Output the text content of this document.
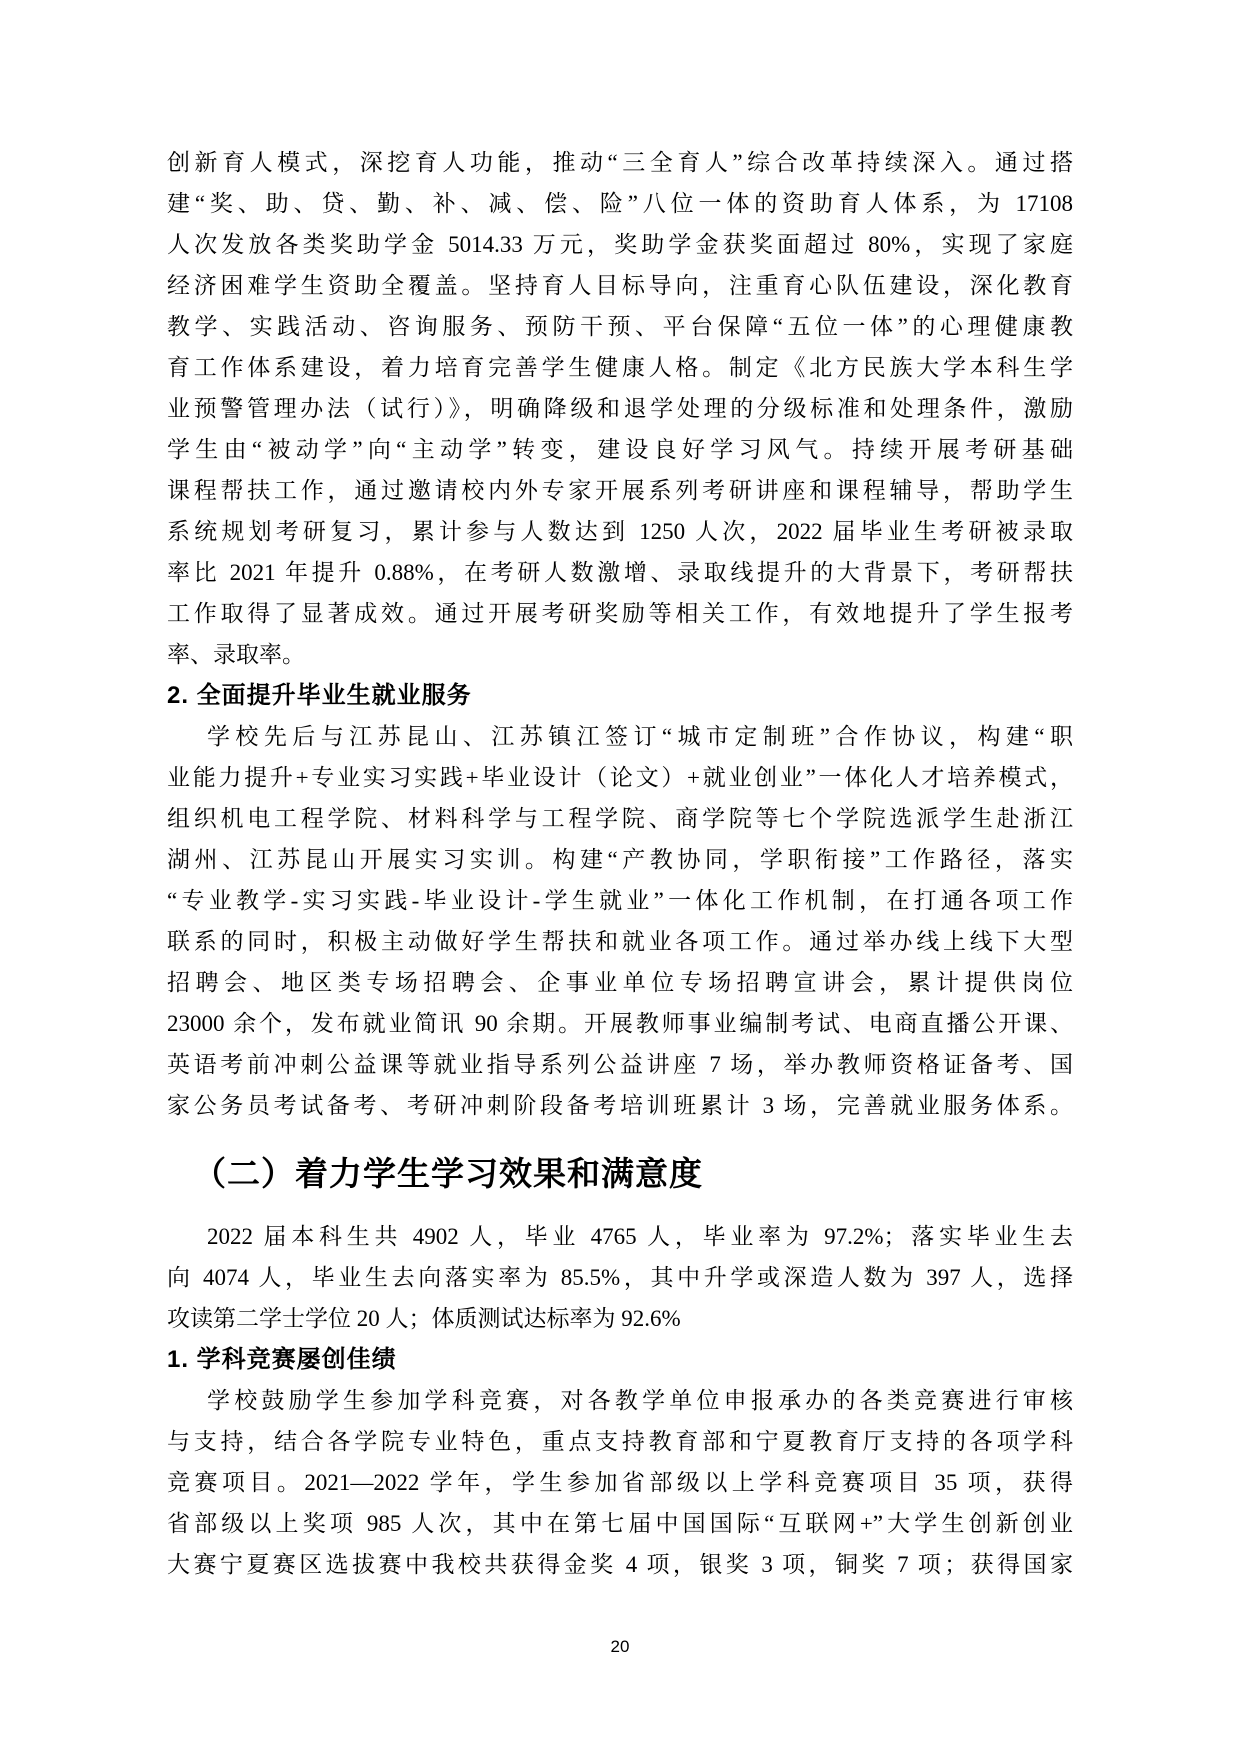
创新育人模式，深挖育人功能，推动“三全育人”综合改革持续深入。通过搭
建“奖、助、贷、勤、补、减、偿、险”八位一体的资助育人体系，为 17108
人次发放各类奖助学金 5014.33 万元，奖助学金获奖面超过 80%，实现了家庭
经济困难学生资助全覆盖。坚持育人目标导向，注重育心队伍建设，深化教育
教学、实践活动、咨询服务、预防干预、平台保障“五位一体”的心理健康教
育工作体系建设，着力培育完善学生健康人格。制定《北方民族大学本科生学
业预警管理办法（试行）》，明确降级和退学处理的分级标准和处理条件，激励
学生由“被动学”向“主动学”转变，建设良好学习风气。持续开展考研基础
课程帮扶工作，通过邀请校内外专家开展系列考研讲座和课程辅导，帮助学生
系统规划考研复习，累计参与人数达到 1250 人次，2022 届毕业生考研被录取
率比 2021 年提升 0.88%，在考研人数激增、录取线提升的大背景下，考研帮扶
工作取得了显著成效。通过开展考研奖励等相关工作，有效地提升了学生报考
率、录取率。
2. 全面提升毕业生就业服务
学校先后与江苏昆山、江苏镇江签订“城市定制班”合作协议，构建“职
业能力提升+专业实习实践+毕业设计（论文）+就业创业”一体化人才培养模式，
组织机电工程学院、材料科学与工程学院、商学院等七个学院选派学生赴浙江
湖州、江苏昆山开展实习实训。构建“产教协同，学职衔接”工作路径，落实
“专业教学-实习实践-毕业设计-学生就业”一体化工作机制，在打通各项工作
联系的同时，积极主动做好学生帮扶和就业各项工作。通过举办线上线下大型
招聘会、地区类专场招聘会、企事业单位专场招聘宣讲会，累计提供岗位
23000 余个，发布就业简讯 90 余期。开展教师事业编制考试、电商直播公开课、
英语考前冲刺公益课等就业指导系列公益讲座 7 场，举办教师资格证备考、国
家公务员考试备考、考研冲刺阶段备考培训班累计 3 场，完善就业服务体系。
（二）着力学生学习效果和满意度
2022 届本科生共 4902 人，毕业 4765 人，毕业率为 97.2%；落实毕业生去
向 4074 人，毕业生去向落实率为 85.5%，其中升学或深造人数为 397 人，选择
攻读第二学士学位 20 人；体质测试达标率为 92.6%
1. 学科竞赛屡创佳绩
学校鼓励学生参加学科竞赛，对各教学单位申报承办的各类竞赛进行审核
与支持，结合各学院专业特色，重点支持教育部和宁夏教育厅支持的各项学科
竞赛项目。2021—2022 学年，学生参加省部级以上学科竞赛项目 35 项，获得
省部级以上奖项 985 人次，其中在第七届中国国际“互联网+”大学生创新创业
大赛宁夏赛区选拔赛中我校共获得金奖 4 项，银奖 3 项，铜奖 7 项；获得国家
20
